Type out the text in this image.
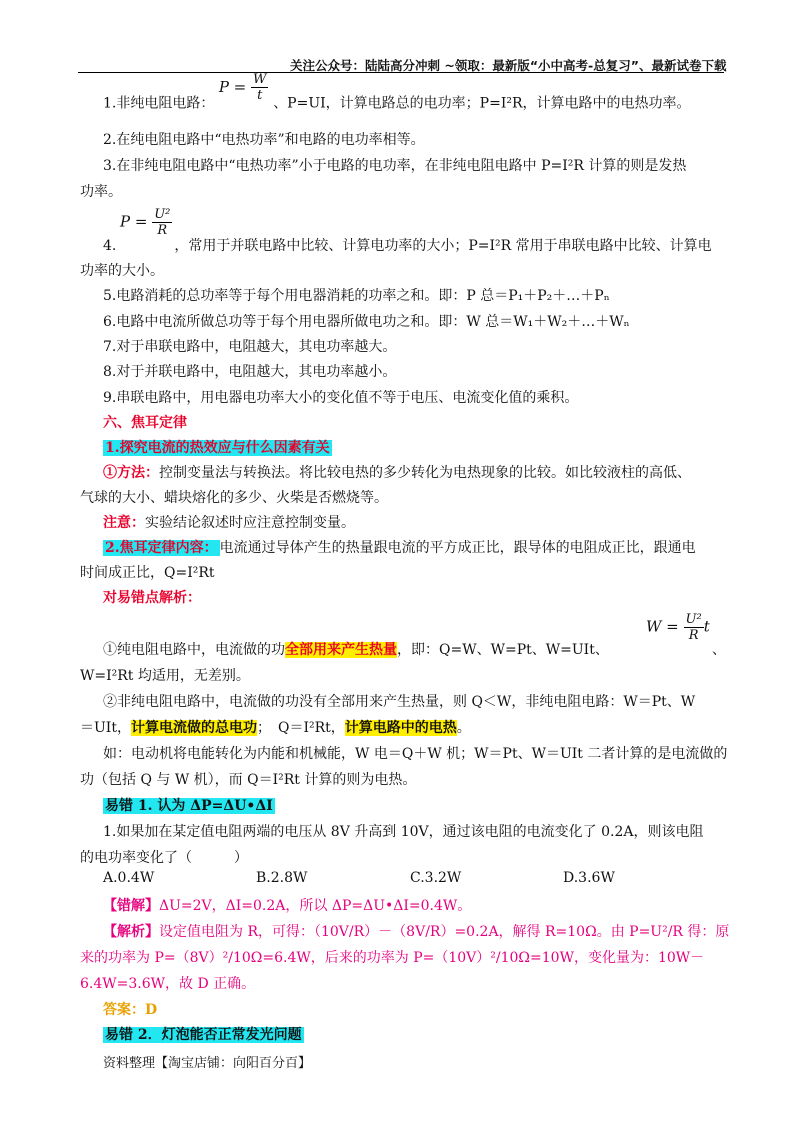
关注公众号：陆陆高分冲刺 ~领取：最新版“小中高考-总复习”、最新试卷下载
1.非纯电阻电路： $P = \frac{W}{t}$
、P=UI，计算电路总的电功率；P=I²R，计算电路中的电热功率。
2.在纯电阻电路中“电热功率”和电路的电功率相等。
3.在非纯电阻电路中“电热功率”小于电路的电功率，在非纯电阻电路中 P=I²R 计算的则是发热
功率。
$P = \frac{\text{U²}}{R}$
4.	，常用于并联电路中比较、计算电功率的大小；P=I²R 常用于串联电路中比较、计算电
功率的大小。
5.电路消耗的总功率等于每个用电器消耗的功率之和。即：P 总＝P₁＋P₂＋…＋Pₙ
6.电路中电流所做总功等于每个用电器所做电功之和。即：W 总＝W₁＋W₂＋…＋Wₙ
7.对于串联电路中，电阻越大，其电功率越大。
8.对于并联电路中，电阻越大，其电功率越小。
9.串联电路中，用电器电功率大小的变化值不等于电压、电流变化值的乘积。
六、焦耳定律
1.探究电流的热效应与什么因素有关
①方法：控制变量法与转换法。将比较电热的多少转化为电热现象的比较。如比较液柱的高低、
气球的大小、蜡块熔化的多少、火柴是否燃烧等。
注意：实验结论叙述时应注意控制变量。
2.焦耳定律内容： 电流通过导体产生的热量跟电流的平方成正比，跟导体的电阻成正比，跟通电
时间成正比，Q=I²Rt
对易错点解析：
$W = \frac{\text{U²}}{R}$ t
①纯电阻电路中，电流做的功全部用来产生热量，即：Q=W、W=Pt、W=UIt、	、
W=I²Rt 均适用，无差别。
②非纯电阻电路中，电流做的功没有全部用来产生热量，则 Q＜W，非纯电阻电路：W＝Pt、W
＝UIt，计算电流做的总电功；　Q＝I²Rt，计算电路中的电热。
如：电动机将电能转化为内能和机械能，W 电＝Q＋W 机；W＝Pt、W＝UIt 二者计算的是电流做的
功（包括 Q 与 W 机），而 Q＝I²Rt 计算的则为电热。
易错 1. 认为 ΔP=ΔU•ΔI
1.如果加在某定值电阻两端的电压从 8V 升高到 10V，通过该电阻的电流变化了 0.2A，则该电阻
的电功率变化了（　　　）
A.0.4W	B.2.8W	C.3.2W	D.3.6W
【错解】ΔU=2V，ΔI=0.2A，所以 ΔP=ΔU•ΔI=0.4W。
【解析】设定值电阻为 R，可得：（10V/R）－（8V/R）=0.2A，解得 R=10Ω。由 P=U²/R 得：原
来的功率为 P=（8V）²/10Ω=6.4W，后来的功率为 P=（10V）²/10Ω=10W，变化量为：10W－
6.4W=3.6W，故 D 正确。
答案：D
易错 2．灯泡能否正常发光问题
资料整理【淘宝店铺：向阳百分百】
